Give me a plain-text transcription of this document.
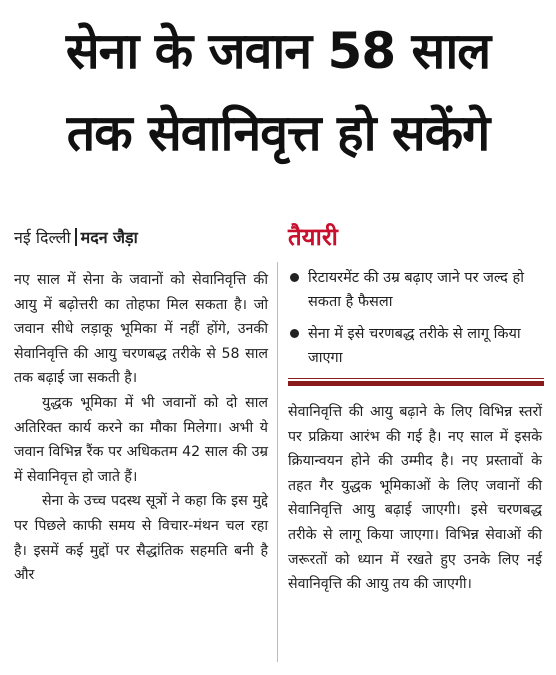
सेना के जवान 58 साल
तक सेवानिवृत्त हो सकेंगे
नई दिल्ली मदन जैड़ा

नए साल में सेना के जवानों को सेवानिवृत्ति की आयु में बढ़ोत्तरी का तोहफा मिल सकता है। जो जवान सीधे लड़ाकू भूमिका में नहीं होंगे, उनकी सेवानिवृत्ति की आयु चरणबद्ध तरीके से 58 साल तक बढ़ाई जा सकती है।

युद्धक भूमिका में भी जवानों को दो साल अतिरिक्त कार्य करने का मौका मिलेगा। अभी ये जवान विभिन्न रैंक पर अधिकतम 42 साल की उम्र में सेवानिवृत्त हो जाते हैं।

सेना के उच्च पदस्थ सूत्रों ने कहा कि इस मुद्दे पर पिछले काफी समय से विचार-मंथन चल रहा है। इसमें कई मुद्दों पर सैद्धांतिक सहमति बनी है और

तैयारी
रिटायरमेंट की उम्र बढ़ाए जाने पर जल्द हो सकता है फैसला
सेना में इसे चरणबद्ध तरीके से लागू किया जाएगा

सेवानिवृत्ति की आयु बढ़ाने के लिए विभिन्न स्तरों पर प्रक्रिया आरंभ की गई है। नए साल में इसके क्रियान्वयन होने की उम्मीद है। नए प्रस्तावों के तहत गैर युद्धक भूमिकाओं के लिए जवानों की सेवानिवृत्ति आयु बढ़ाई जाएगी। इसे चरणबद्ध तरीके से लागू किया जाएगा। विभिन्न सेवाओं की जरूरतों को ध्यान में रखते हुए उनके लिए नई सेवानिवृत्ति की आयु तय की जाएगी।
